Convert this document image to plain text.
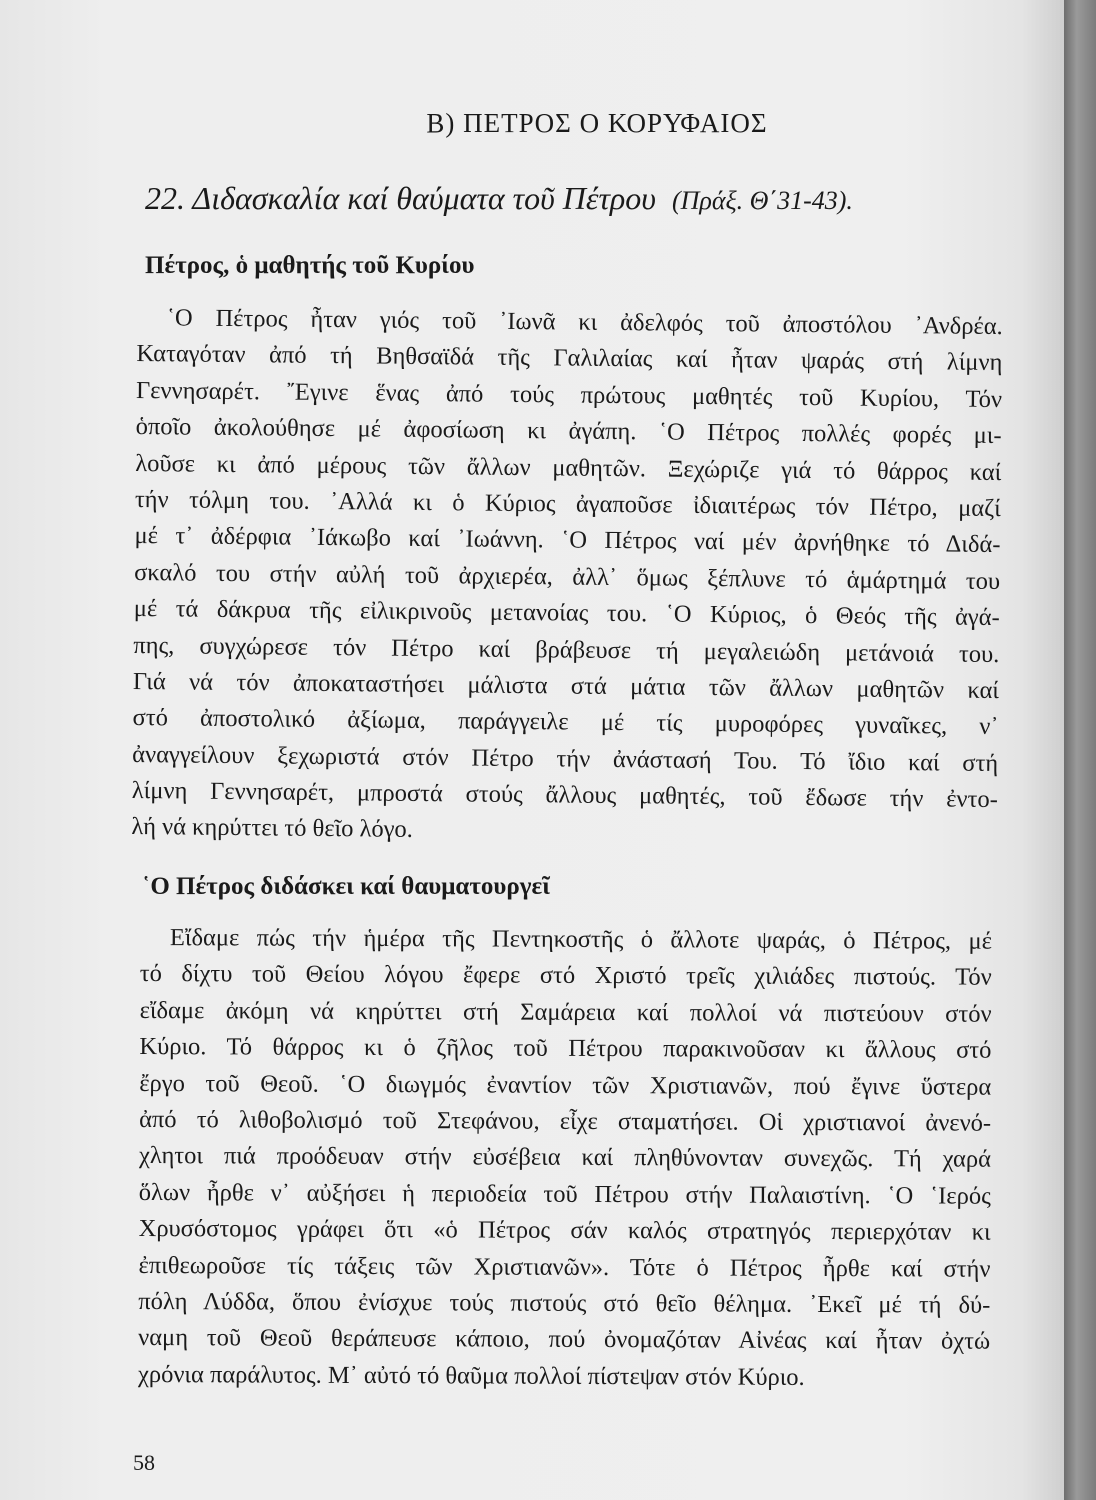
Β) ΠΕΤΡΟΣ Ο ΚΟΡΥΦΑΙΟΣ
22. Διδασκαλία καί θαύματα τοῦ Πέτρου (Πράξ. Θ΄31-43).
Πέτρος, ὁ μαθητής τοῦ Κυρίου
῾Ο Πέτρος ἦταν γιός τοῦ ᾿Ιωνᾶ κι ἀδελφός τοῦ ἀποστόλου ᾿Ανδρέα.
Καταγόταν ἀπό τή Βηθσαϊδά τῆς Γαλιλαίας καί ἦταν ψαράς στή λίμνη
Γεννησαρέτ. ῎Εγινε ἕνας ἀπό τούς πρώτους μαθητές τοῦ Κυρίου, Τόν
ὁποῖο ἀκολούθησε μέ ἀφοσίωση κι ἀγάπη. ῾Ο Πέτρος πολλές φορές μι-
λοῦσε κι ἀπό μέρους τῶν ἄλλων μαθητῶν. Ξεχώριζε γιά τό θάρρος καί
τήν τόλμη του. ᾿Αλλά κι ὁ Κύριος ἀγαποῦσε ἰδιαιτέρως τόν Πέτρο, μαζί
μέ τ᾿ ἀδέρφια ᾿Ιάκωβο καί ᾿Ιωάννη. ῾Ο Πέτρος ναί μέν ἀρνήθηκε τό Διδά-
σκαλό του στήν αὐλή τοῦ ἀρχιερέα, ἀλλ᾿ ὅμως ξέπλυνε τό ἁμάρτημά του
μέ τά δάκρυα τῆς εἰλικρινοῦς μετανοίας του. ῾Ο Κύριος, ὁ Θεός τῆς ἀγά-
πης, συγχώρεσε τόν Πέτρο καί βράβευσε τή μεγαλειώδη μετάνοιά του.
Γιά νά τόν ἀποκαταστήσει μάλιστα στά μάτια τῶν ἄλλων μαθητῶν καί
στό ἀποστολικό ἀξίωμα, παράγγειλε μέ τίς μυροφόρες γυναῖκες, ν᾿
ἀναγγείλουν ξεχωριστά στόν Πέτρο τήν ἀνάστασή Του. Τό ἴδιο καί στή
λίμνη Γεννησαρέτ, μπροστά στούς ἄλλους μαθητές, τοῦ ἔδωσε τήν ἐντο-
λή νά κηρύττει τό θεῖο λόγο.
῾Ο Πέτρος διδάσκει καί θαυματουργεῖ
Εἴδαμε πώς τήν ἡμέρα τῆς Πεντηκοστῆς ὁ ἄλλοτε ψαράς, ὁ Πέτρος, μέ
τό δίχτυ τοῦ Θείου λόγου ἔφερε στό Χριστό τρεῖς χιλιάδες πιστούς. Τόν
εἴδαμε ἀκόμη νά κηρύττει στή Σαμάρεια καί πολλοί νά πιστεύουν στόν
Κύριο. Τό θάρρος κι ὁ ζῆλος τοῦ Πέτρου παρακινοῦσαν κι ἄλλους στό
ἔργο τοῦ Θεοῦ. ῾Ο διωγμός ἐναντίον τῶν Χριστιανῶν, πού ἔγινε ὕστερα
ἀπό τό λιθοβολισμό τοῦ Στεφάνου, εἶχε σταματήσει. Οἱ χριστιανοί ἀνενό-
χλητοι πιά προόδευαν στήν εὐσέβεια καί πληθύνονταν συνεχῶς. Τή χαρά
ὅλων ἦρθε ν᾿ αὐξήσει ἡ περιοδεία τοῦ Πέτρου στήν Παλαιστίνη. ῾Ο ῾Ιερός
Χρυσόστομος γράφει ὅτι «ὁ Πέτρος σάν καλός στρατηγός περιερχόταν κι
ἐπιθεωροῦσε τίς τάξεις τῶν Χριστιανῶν». Τότε ὁ Πέτρος ἦρθε καί στήν
πόλη Λύδδα, ὅπου ἐνίσχυε τούς πιστούς στό θεῖο θέλημα. ᾿Εκεῖ μέ τή δύ-
ναμη τοῦ Θεοῦ θεράπευσε κάποιο, πού ὀνομαζόταν Αἰνέας καί ἦταν ὀχτώ
χρόνια παράλυτος. Μ᾿ αὐτό τό θαῦμα πολλοί πίστεψαν στόν Κύριο.
58
